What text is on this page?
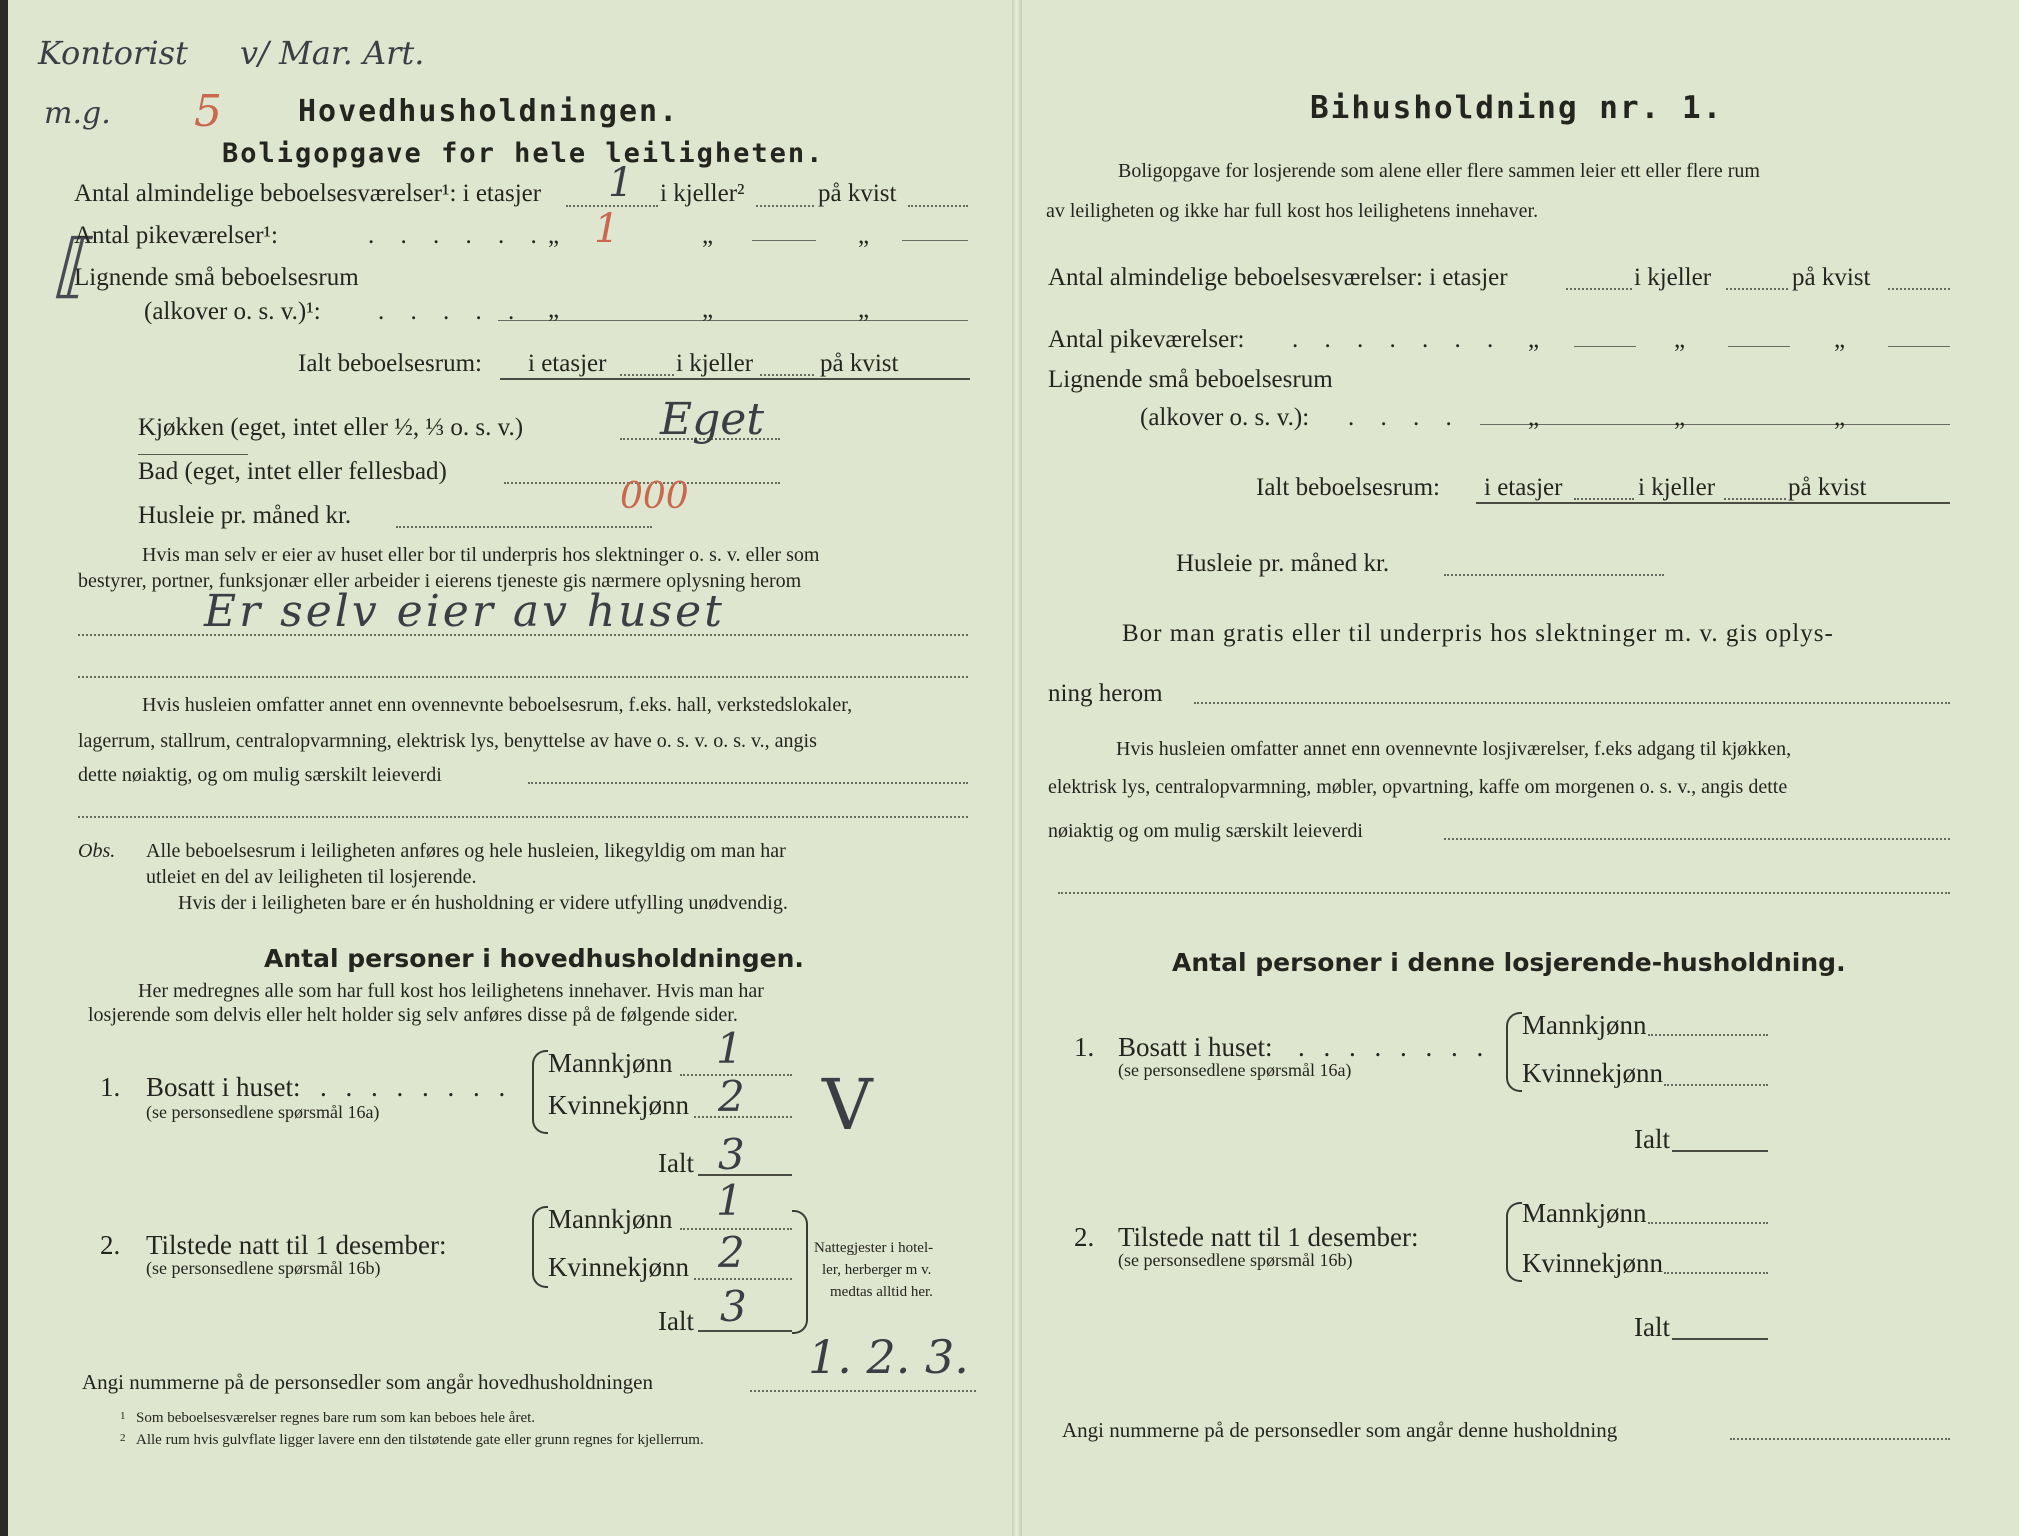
Kontorist v/ Mar. Art.
m.g. 5
⟦
Hovedhusholdningen.
Boligopgave for hele leiligheten.
Antal almindelige beboelsesværelser¹: i etasjer 1 i kjeller²	på kvist
Antal pikeværelser¹:	. . . . . . „ 1	„	„
Lignende små beboelsesrum
(alkover o. s. v.)¹: . . . . . „	„	„
Ialt beboelsesrum: i etasjer	i kjeller	på kvist
Kjøkken (eget, intet eller ½, ⅓ o. s. v.)	Eget
Bad (eget, intet eller fellesbad)
Husleie pr. måned kr.	000
Hvis man selv er eier av huset eller bor til underpris hos slektninger o. s. v. eller som
bestyrer, portner, funksjonær eller arbeider i eierens tjeneste gis nærmere oplysning herom
Er selv eier av huset
Hvis husleien omfatter annet enn ovennevnte beboelsesrum, f.eks. hall, verkstedslokaler,
lagerrum, stallrum, centralopvarmning, elektrisk lys, benyttelse av have o. s. v. o. s. v., angis
dette nøiaktig, og om mulig særskilt leieverdi
Obs. Alle beboelsesrum i leiligheten anføres og hele husleien, likegyldig om man har
utleiet en del av leiligheten til losjerende.
Hvis der i leiligheten bare er én husholdning er videre utfylling unødvendig.
Antal personer i hovedhusholdningen.
Her medregnes alle som har full kost hos leilighetens innehaver. Hvis man har
losjerende som delvis eller helt holder sig selv anføres disse på de følgende sider.
1. Bosatt i huset: . . . . . . . .
(se personsedlene spørsmål 16a)
Mannkjønn 1
Kvinnekjønn 2
Ialt 3
V
2. Tilstede natt til 1 desember:
(se personsedlene spørsmål 16b)
Mannkjønn 1
Kvinnekjønn 2
Ialt 3
Nattegjester i hotel-
ler, herberger m v.
medtas alltid her.
Angi nummerne på de personsedler som angår hovedhusholdningen	1. 2. 3.
1 Som beboelsesværelser regnes bare rum som kan beboes hele året.
2 Alle rum hvis gulvflate ligger lavere enn den tilstøtende gate eller grunn regnes for kjellerrum.
Bihusholdning nr. 1.
Boligopgave for losjerende som alene eller flere sammen leier ett eller flere rum
av leiligheten og ikke har full kost hos leilighetens innehaver.
Antal almindelige beboelsesværelser: i etasjer	i kjeller	på kvist
Antal pikeværelser: . . . . . . . „	„	„
Lignende små beboelsesrum
(alkover o. s. v.): . . . .	„	„	„
Ialt beboelsesrum: i etasjer	i kjeller	på kvist
Husleie pr. måned kr.
Bor man gratis eller til underpris hos slektninger m. v. gis oplys-
ning herom
Hvis husleien omfatter annet enn ovennevnte losjiværelser, f.eks adgang til kjøkken,
elektrisk lys, centralopvarmning, møbler, opvartning, kaffe om morgenen o. s. v., angis dette
nøiaktig og om mulig særskilt leieverdi
Antal personer i denne losjerende-husholdning.
1. Bosatt i huset: . . . . . . . .
(se personsedlene spørsmål 16a)
Mannkjønn
Kvinnekjønn
Ialt
2. Tilstede natt til 1 desember:
(se personsedlene spørsmål 16b)
Mannkjønn
Kvinnekjønn
Ialt
Angi nummerne på de personsedler som angår denne husholdning
